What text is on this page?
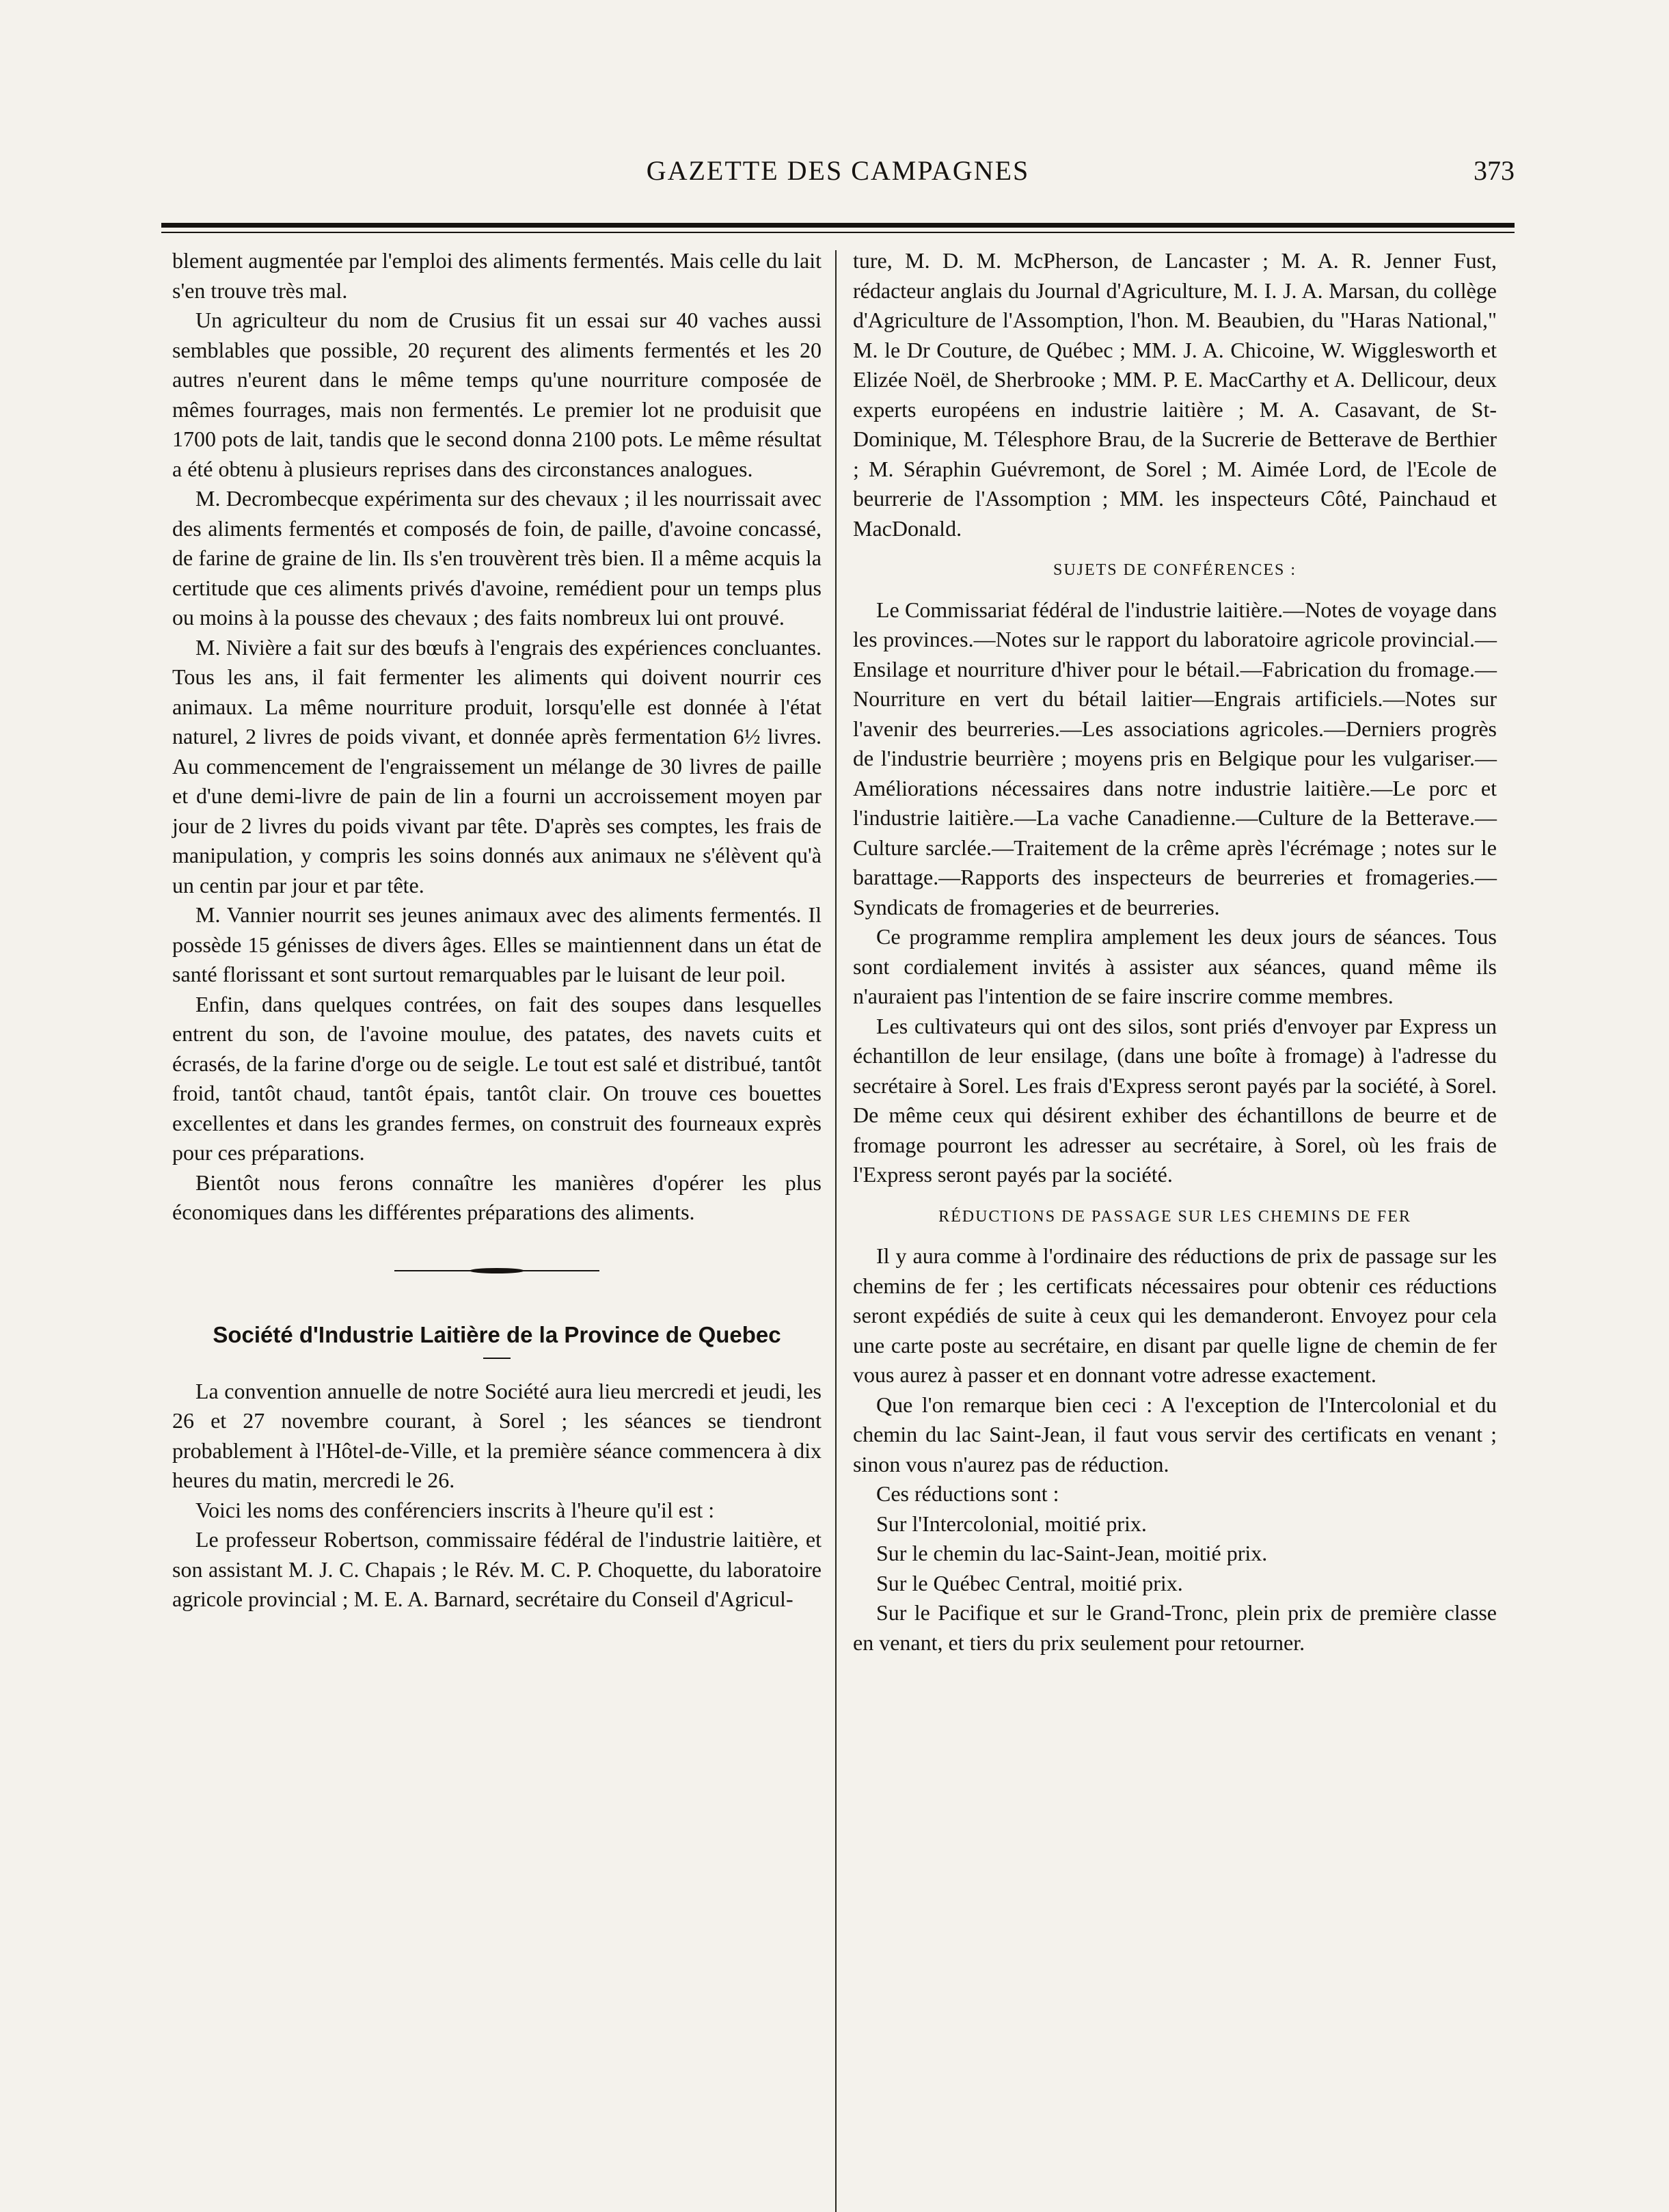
GAZETTE DES CAMPAGNES	373

blement augmentée par l'emploi des aliments fermentés. Mais celle du lait s'en trouve très mal.

Un agriculteur du nom de Crusius fit un essai sur 40 vaches aussi semblables que possible, 20 reçurent des aliments fermentés et les 20 autres n'eurent dans le même temps qu'une nourriture composée de mêmes fourrages, mais non fermentés. Le premier lot ne produisit que 1700 pots de lait, tandis que le second donna 2100 pots. Le même résultat a été obtenu à plusieurs reprises dans des circonstances analogues.

M. Decrombecque expérimenta sur des chevaux ; il les nourrissait avec des aliments fermentés et composés de foin, de paille, d'avoine concassé, de farine de graine de lin. Ils s'en trouvèrent très bien. Il a même acquis la certitude que ces aliments privés d'avoine, remédient pour un temps plus ou moins à la pousse des chevaux ; des faits nombreux lui ont prouvé.

M. Nivière a fait sur des bœufs à l'engrais des expériences concluantes. Tous les ans, il fait fermenter les aliments qui doivent nourrir ces animaux. La même nourriture produit, lorsqu'elle est donnée à l'état naturel, 2 livres de poids vivant, et donnée après fermentation 6½ livres. Au commencement de l'engraissement un mélange de 30 livres de paille et d'une demi-livre de pain de lin a fourni un accroissement moyen par jour de 2 livres du poids vivant par tête. D'après ses comptes, les frais de manipulation, y compris les soins donnés aux animaux ne s'élèvent qu'à un centin par jour et par tête.

M. Vannier nourrit ses jeunes animaux avec des aliments fermentés. Il possède 15 génisses de divers âges. Elles se maintiennent dans un état de santé florissant et sont surtout remarquables par le luisant de leur poil.

Enfin, dans quelques contrées, on fait des soupes dans lesquelles entrent du son, de l'avoine moulue, des patates, des navets cuits et écrasés, de la farine d'orge ou de seigle. Le tout est salé et distribué, tantôt froid, tantôt chaud, tantôt épais, tantôt clair. On trouve ces bouettes excellentes et dans les grandes fermes, on construit des fourneaux exprès pour ces préparations.

Bientôt nous ferons connaître les manières d'opérer les plus économiques dans les différentes préparations des aliments.

Société d'Industrie Laitière de la Province de Quebec

La convention annuelle de notre Société aura lieu mercredi et jeudi, les 26 et 27 novembre courant, à Sorel ; les séances se tiendront probablement à l'Hôtel-de-Ville, et la première séance commencera à dix heures du matin, mercredi le 26.

Voici les noms des conférenciers inscrits à l'heure qu'il est :

Le professeur Robertson, commissaire fédéral de l'industrie laitière, et son assistant M. J. C. Chapais ; le Rév. M. C. P. Choquette, du laboratoire agricole provincial ; M. E. A. Barnard, secrétaire du Conseil d'Agricul-

ture, M. D. M. McPherson, de Lancaster ; M. A. R. Jenner Fust, rédacteur anglais du Journal d'Agriculture, M. I. J. A. Marsan, du collège d'Agriculture de l'Assomption, l'hon. M. Beaubien, du "Haras National," M. le Dr Couture, de Québec ; MM. J. A. Chicoine, W. Wigglesworth et Elizée Noël, de Sherbrooke ; MM. P. E. MacCarthy et A. Dellicour, deux experts européens en industrie laitière ; M. A. Casavant, de St-Dominique, M. Télesphore Brau, de la Sucrerie de Betterave de Berthier ; M. Séraphin Guévremont, de Sorel ; M. Aimée Lord, de l'Ecole de beurrerie de l'Assomption ; MM. les inspecteurs Côté, Painchaud et MacDonald.

SUJETS DE CONFÉRENCES :

Le Commissariat fédéral de l'industrie laitière.—Notes de voyage dans les provinces.—Notes sur le rapport du laboratoire agricole provincial.—Ensilage et nourriture d'hiver pour le bétail.—Fabrication du fromage.—Nourriture en vert du bétail laitier—Engrais artificiels.—Notes sur l'avenir des beurreries.—Les associations agricoles.—Derniers progrès de l'industrie beurrière ; moyens pris en Belgique pour les vulgariser.—Améliorations nécessaires dans notre industrie laitière.—Le porc et l'industrie laitière.—La vache Canadienne.—Culture de la Betterave.—Culture sarclée.—Traitement de la crême après l'écrémage ; notes sur le barattage.—Rapports des inspecteurs de beurreries et fromageries.—Syndicats de fromageries et de beurreries.

Ce programme remplira amplement les deux jours de séances. Tous sont cordialement invités à assister aux séances, quand même ils n'auraient pas l'intention de se faire inscrire comme membres.

Les cultivateurs qui ont des silos, sont priés d'envoyer par Express un échantillon de leur ensilage, (dans une boîte à fromage) à l'adresse du secrétaire à Sorel. Les frais d'Express seront payés par la société, à Sorel. De même ceux qui désirent exhiber des échantillons de beurre et de fromage pourront les adresser au secrétaire, à Sorel, où les frais de l'Express seront payés par la société.

RÉDUCTIONS DE PASSAGE SUR LES CHEMINS DE FER

Il y aura comme à l'ordinaire des réductions de prix de passage sur les chemins de fer ; les certificats nécessaires pour obtenir ces réductions seront expédiés de suite à ceux qui les demanderont. Envoyez pour cela une carte poste au secrétaire, en disant par quelle ligne de chemin de fer vous aurez à passer et en donnant votre adresse exactement.

Que l'on remarque bien ceci : A l'exception de l'Intercolonial et du chemin du lac Saint-Jean, il faut vous servir des certificats en venant ; sinon vous n'aurez pas de réduction.

Ces réductions sont :

Sur l'Intercolonial, moitié prix.

Sur le chemin du lac-Saint-Jean, moitié prix.

Sur le Québec Central, moitié prix.

Sur le Pacifique et sur le Grand-Tronc, plein prix de première classe en venant, et tiers du prix seulement pour retourner.
